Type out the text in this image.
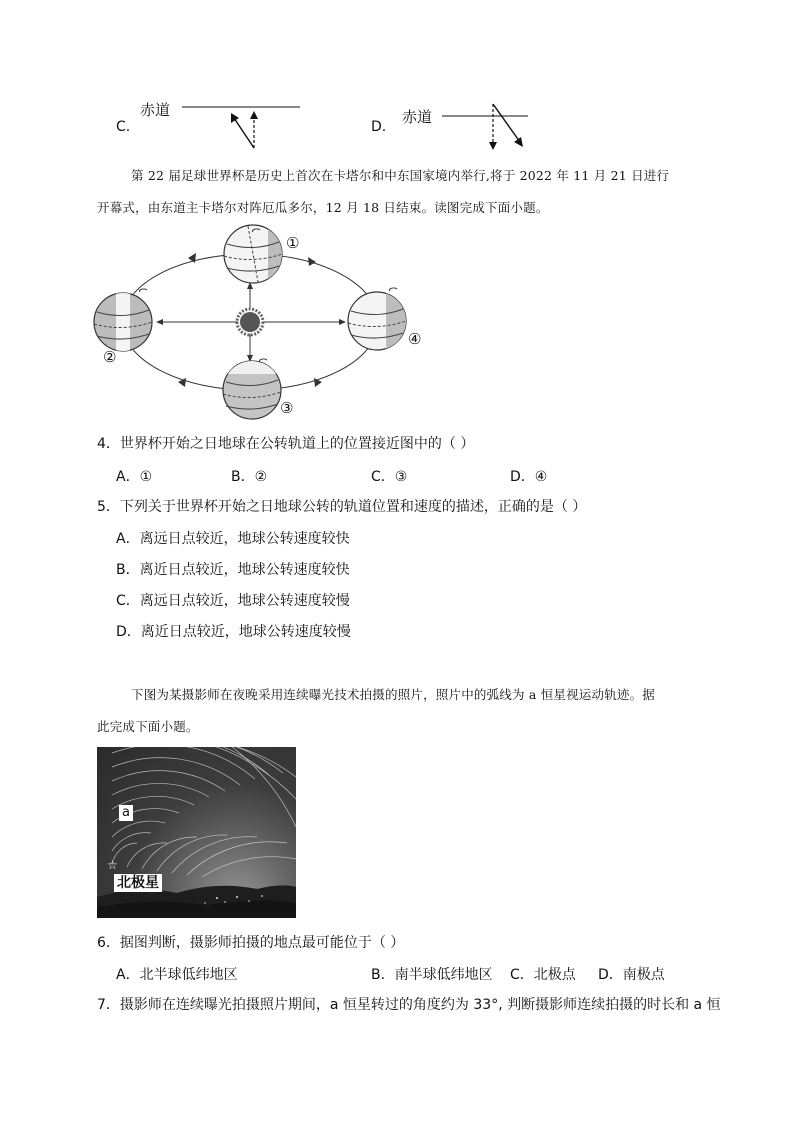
C.
赤道
D.
赤道
第 22 届足球世界杯是历史上首次在卡塔尔和中东国家境内举行,将于 2022 年 11 月 21 日进行
开幕式，由东道主卡塔尔对阵厄瓜多尔，12 月 18 日结束。读图完成下面小题。
①
②
③
④
4．世界杯开始之日地球在公转轨道上的位置接近图中的（ ）
A．①	B．②	C．③	D．④
5．下列关于世界杯开始之日地球公转的轨道位置和速度的描述，正确的是（ ）
A．离远日点较近，地球公转速度较快
B．离近日点较近，地球公转速度较快
C．离远日点较近，地球公转速度较慢
D．离近日点较近，地球公转速度较慢
下图为某摄影师在夜晚采用连续曝光技术拍摄的照片，照片中的弧线为 a 恒星视运动轨迹。据
此完成下面小题。
a
☆
北极星
6．据图判断，摄影师拍摄的地点最可能位于（ ）
A．北半球低纬地区	B．南半球低纬地区 C．北极点 D．南极点
7．摄影师在连续曝光拍摄照片期间，a 恒星转过的角度约为 33°, 判断摄影师连续拍摄的时长和 a 恒
